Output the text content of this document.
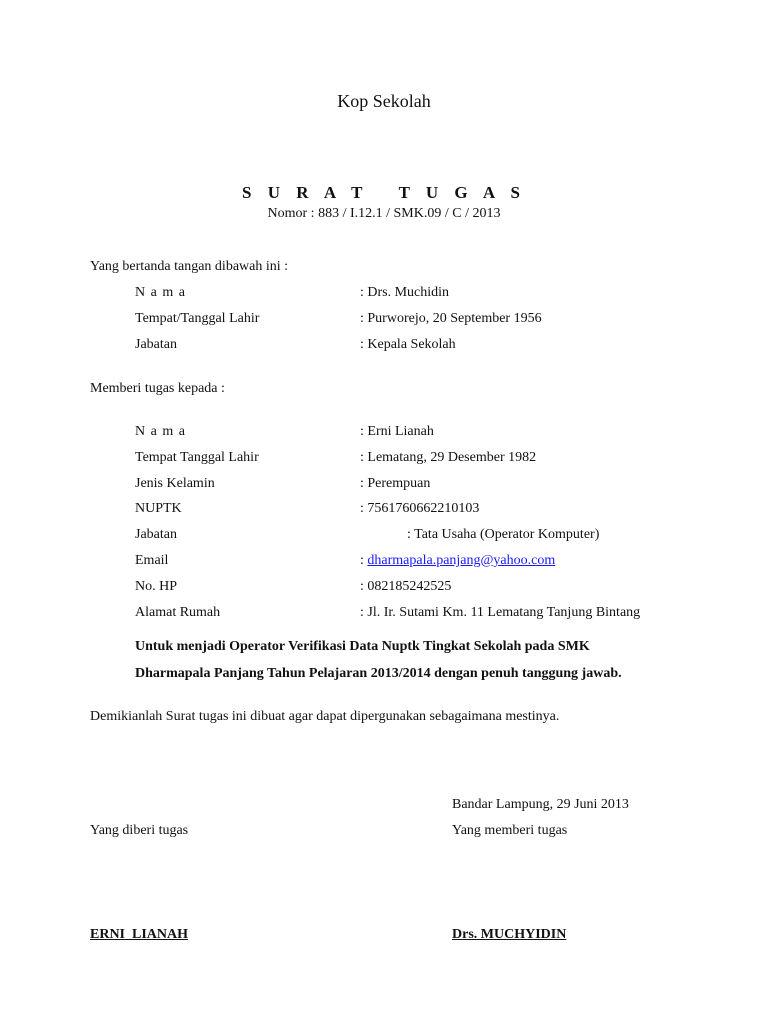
Kop Sekolah
S U R A T   T U G A S
Nomor : 883 / I.12.1 / SMK.09 / C / 2013
Yang bertanda tangan dibawah ini :
N a m a	: Drs. Muchidin
Tempat/Tanggal Lahir	: Purworejo, 20 September 1956
Jabatan	: Kepala Sekolah
Memberi tugas kepada :
N a m a	: Erni Lianah
Tempat Tanggal Lahir	: Lematang, 29 Desember 1982
Jenis Kelamin	: Perempuan
NUPTK	: 7561760662210103
Jabatan	: Tata Usaha (Operator Komputer)
Email	: dharmapala.panjang@yahoo.com
No. HP	: 082185242525
Alamat Rumah	: Jl. Ir. Sutami Km. 11 Lematang Tanjung Bintang
Untuk menjadi Operator Verifikasi Data Nuptk Tingkat Sekolah pada SMK
Dharmapala Panjang Tahun Pelajaran 2013/2014 dengan penuh tanggung jawab.
Demikianlah Surat tugas ini dibuat agar dapat dipergunakan sebagaimana mestinya.
Bandar Lampung, 29 Juni 2013
Yang diberi tugas	Yang memberi tugas
ERNI  LIANAH	Drs. MUCHYIDIN
